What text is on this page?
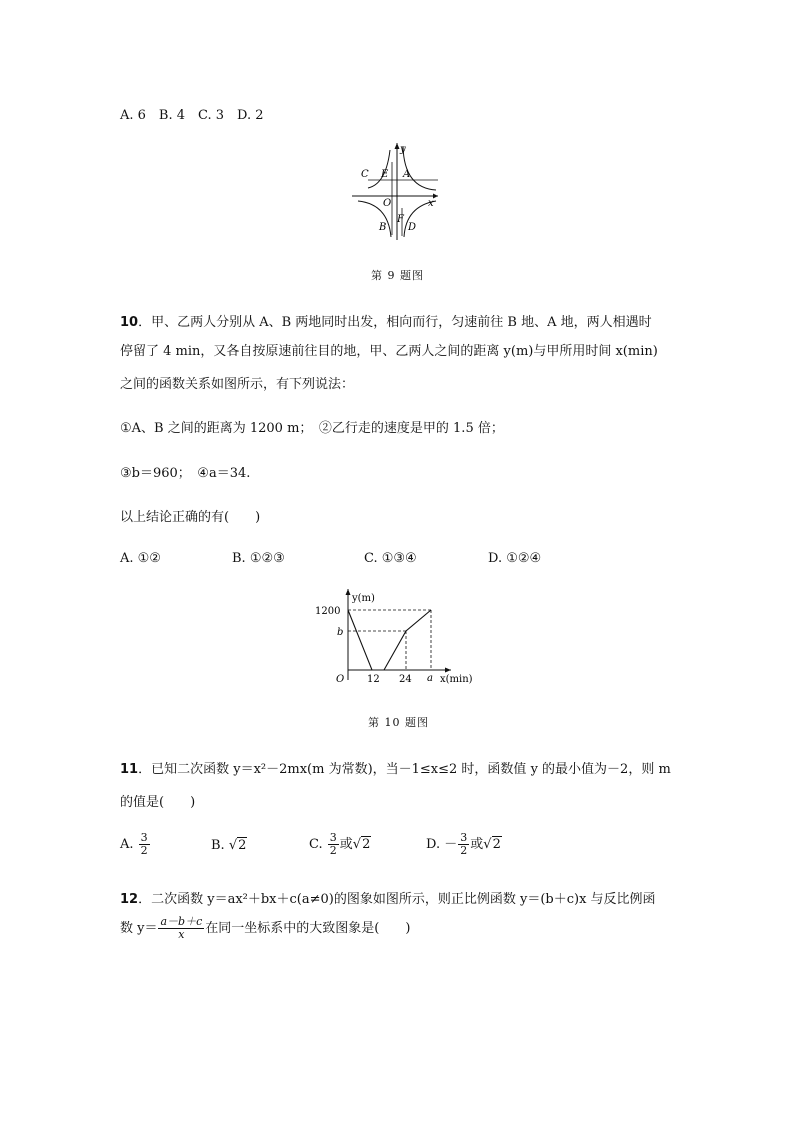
A. 6　B. 4　C. 3　D. 2
y
C E A
O	x
F
B D
第 9 题图
10．甲、乙两人分别从 A、B 两地同时出发，相向而行，匀速前往 B 地、A 地，两人相遇时
停留了 4 min，又各自按原速前往目的地，甲、乙两人之间的距离 y(m)与甲所用时间 x(min)
之间的函数关系如图所示，有下列说法：
①A、B 之间的距离为 1200 m；　②乙行走的速度是甲的 1.5 倍；
③b＝960；　④a＝34.
以上结论正确的有(　　)
A. ①②	B. ①②③	C. ①③④	D. ①②④
y(m)
1200
b
O 12 24 a x(min)
第 10 题图
11．已知二次函数 y＝x²－2mx(m 为常数)，当－1≤x≤2 时，函数值 y 的最小值为－2，则 m
的值是(　　)
A. $\frac{3}{2}$	B. √2	C. $\frac{3}{2}$ 或√2	D. － $\frac{3}{2}$ 或√2
12．二次函数 y＝ax²＋bx＋c(a≠0)的图象如图所示，则正比例函数 y＝(b＋c)x 与反比例函
数 $y= \frac{a-b+c}{x}$ 在同一坐标系中的大致图象是(　　)
